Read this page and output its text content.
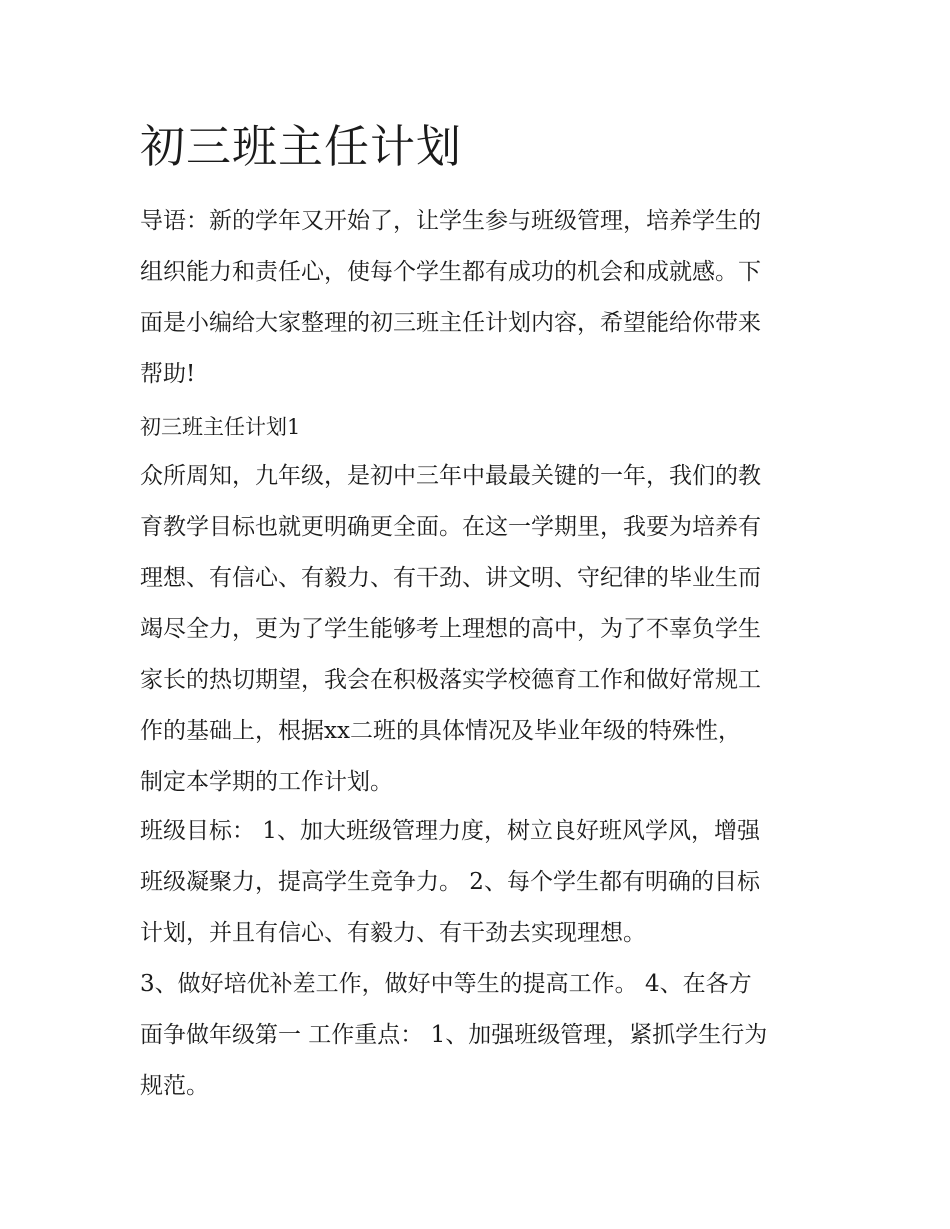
初三班主任计划
导语：新的学年又开始了，让学生参与班级管理，培养学生的
组织能力和责任心，使每个学生都有成功的机会和成就感。下
面是小编给大家整理的初三班主任计划内容，希望能给你带来
帮助!
初三班主任计划1
众所周知，九年级，是初中三年中最最关键的一年，我们的教
育教学目标也就更明确更全面。在这一学期里，我要为培养有
理想、有信心、有毅力、有干劲、讲文明、守纪律的毕业生而
竭尽全力，更为了学生能够考上理想的高中，为了不辜负学生
家长的热切期望，我会在积极落实学校德育工作和做好常规工
作的基础上，根据xx二班的具体情况及毕业年级的特殊性，
制定本学期的工作计划。
班级目标： 1、加大班级管理力度，树立良好班风学风，增强
班级凝聚力，提高学生竞争力。 2、每个学生都有明确的目标
计划，并且有信心、有毅力、有干劲去实现理想。
3、做好培优补差工作，做好中等生的提高工作。 4、在各方
面争做年级第一 工作重点： 1、加强班级管理，紧抓学生行为
规范。
